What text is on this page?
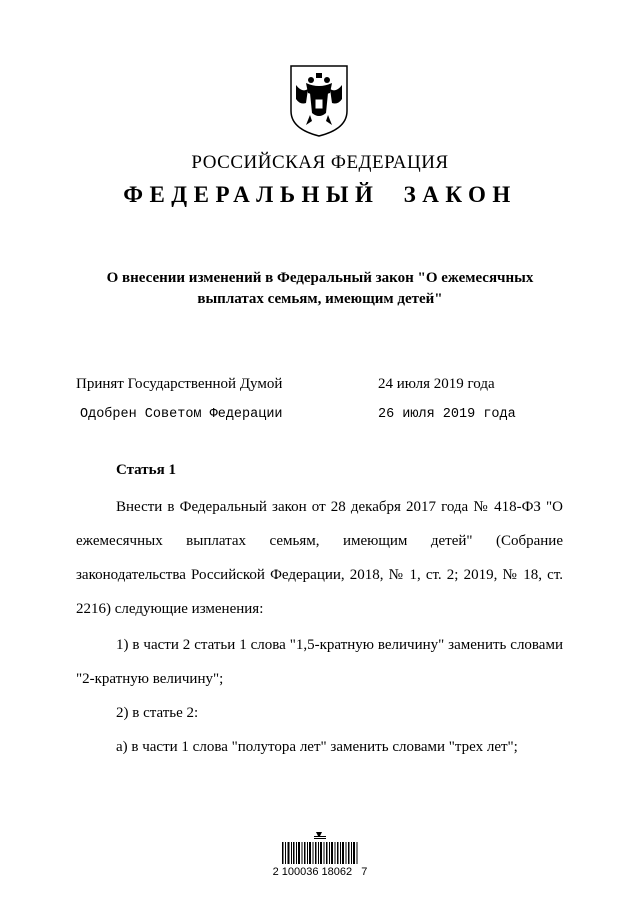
РОССИЙСКАЯ ФЕДЕРАЦИЯ
ФЕДЕРАЛЬНЫЙ ЗАКОН
О внесении изменений в Федеральный закон "О ежемесячных
выплатах семьям, имеющим детей"
Принят Государственной Думой	24 июля 2019 года
Одобрен Советом Федерации	26 июля 2019 года
Статья 1
Внести в Федеральный закон от 28 декабря 2017 года № 418-ФЗ "О ежемесячных выплатах семьям, имеющим детей" (Собрание законодательства Российской Федерации, 2018, № 1, ст. 2; 2019, № 18, ст. 2216) следующие изменения:
1) в части 2 статьи 1 слова "1,5-кратную величину" заменить словами "2-кратную величину";
2) в статье 2:
а) в части 1 слова "полутора лет" заменить словами "трех лет";
2 100036 18062   7
